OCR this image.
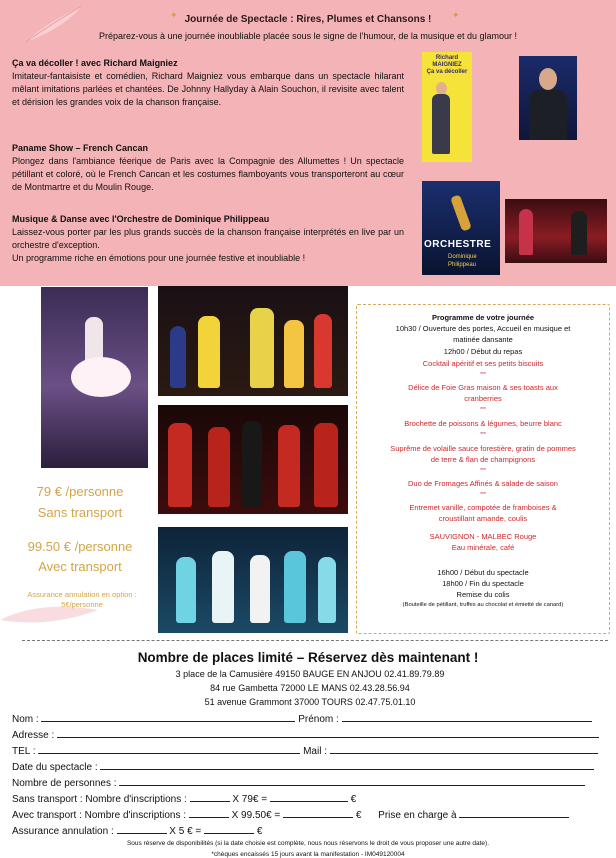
✦	✦
Journée de Spectacle : Rires, Plumes et Chansons !
Préparez-vous à une journée inoubliable placée sous le signe de l'humour, de la musique et du glamour !
Ça va décoller ! avec Richard Maigniez

Imitateur-fantaisiste et comédien, Richard Maigniez vous embarque dans un spectacle hilarant mêlant imitations parlées et chantées. De Johnny Hallyday à Alain Souchon, il revisite avec talent et dérision les grandes voix de la chanson française.

Paname Show – French Cancan

Plongez dans l'ambiance féerique de Paris avec la Compagnie des Allumettes ! Un spectacle pétillant et coloré, où le French Cancan et les costumes flamboyants vous transporteront au cœur de Montmartre et du Moulin Rouge.

Musique & Danse avec l'Orchestre de Dominique Philippeau

Laissez-vous porter par les plus grands succès de la chanson française interprétés en live par un orchestre d'exception.

Un programme riche en émotions pour une journée festive et inoubliable !

Richard MAIGNIEZ
Ça va décoller
ORCHESTRE
Dominique Philippeau
79 € /personne
Sans transport
99.50 € /personne
Avec transport
Assurance annulation en option :
5€/personne
Programme de votre journée
10h30 / Ouverture des portes, Accueil en musique et
matinée dansante
12h00 / Début du repas
Cocktail apéritif et ses petits biscuits
***
Délice de Foie Gras maison & ses toasts aux
cranberries
***
Brochette de poissons & légumes, beurre blanc
***
Suprême de volaille sauce forestière, gratin de pommes
de terre & flan de champignons
***
Duo de Fromages Affinés & salade de saison
***
Entremet vanille, compotée de framboises &
croustillant amande, coulis
SAUVIGNON - MALBEC Rouge
Eau minérale, café
16h00 / Début du spectacle
18h00 / Fin du spectacle
Remise du colis
(Bouteille de pétillant, truffes au chocolat et émietté de canard)
Nombre de places limité – Réservez dès maintenant !
3 place de la Camusière 49150 BAUGE EN ANJOU 02.41.89.79.89
84 rue Gambetta 72000 LE MANS 02.43.28.56.94
51 avenue Grammont 37000 TOURS 02.47.75.01.10
Nom :	Prénom :
Adresse :
TEL :	Mail :
Date du spectacle :
Nombre de personnes :
Sans transport : Nombre d'inscriptions :	X 79€ =	€
Avec transport : Nombre d'inscriptions :	X 99.50€ =	€ Prise en charge à
Assurance annulation :	X 5 € =	€
Sous réserve de disponibilités (si la date choisie est complète, nous nous réservons le droit de vous proposer une autre date).
*chèques encaissés 15 jours avant la manifestation - IM049120004
